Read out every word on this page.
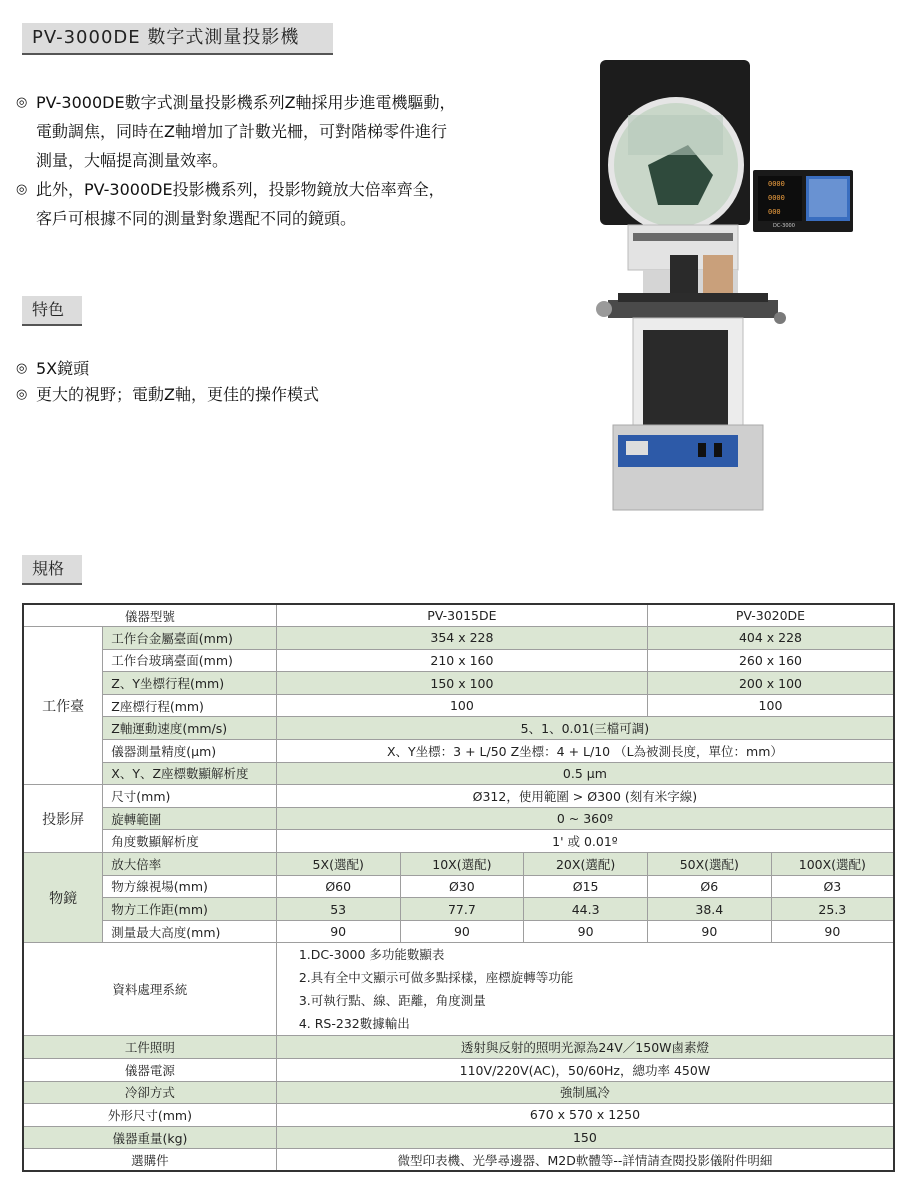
PV-3000DE 數字式測量投影機
◎ PV-3000DE數字式測量投影機系列Z軸採用步進電機驅動，
電動調焦，同時在Z軸增加了計數光柵，可對階梯零件進行
測量，大幅提高測量效率。
◎ 此外，PV-3000DE投影機系列，投影物鏡放大倍率齊全，
客戶可根據不同的測量對象選配不同的鏡頭。
特色
◎ 5X鏡頭
◎ 更大的視野；電動Z軸，更佳的操作模式
0000
0000
000
DC-3000
規格
儀器型號		PV-3015DE			PV-3020DE	
工作臺	工作台金屬臺面(mm)	354 x 228			404 x 228	
	工作台玻璃臺面(mm)	210 x 160			260 x 160	
	Z、Y坐標行程(mm)	150 x 100			200 x 100	
	Z座標行程(mm)	100			100	
	Z軸運動速度(mm/s)	5、1、0.01(三檔可調)				
	儀器測量精度(μm)	X、Y坐標：3 + L/50 Z坐標：4 + L/10 （L為被測長度，單位：mm）				
	X、Y、Z座標數顯解析度	0.5 μm				
投影屏	尺寸(mm)	Ø312，使用範圍 > Ø300 (刻有米字線)				
	旋轉範圍	0 ~ 360º				
	角度數顯解析度	1' 或 0.01º				
物鏡	放大倍率	5X(選配)	10X(選配)	20X(選配)	50X(選配)	100X(選配)
	物方線視場(mm)	Ø60	Ø30	Ø15	Ø6	Ø3
	物方工作距(mm)	53	77.7	44.3	38.4	25.3
	測量最大高度(mm)	90	90	90	90	90
資料處理系統		1.DC-3000 多功能數顯表
2.具有全中文顯示可做多點採樣，座標旋轉等功能
3.可執行點、線、距離，角度測量
4. RS-232數據輸出				

工件照明		透射與反射的照明光源為24V／150W鹵素燈				
儀器電源		110V/220V(AC)，50/60Hz，總功率 450W				
冷卻方式		強制風冷				
外形尺寸(mm)		670 x 570 x 1250				
儀器重量(kg)		150				
選購件		微型印表機、光學尋邊器、M2D軟體等--詳情請查閱投影儀附件明細				
